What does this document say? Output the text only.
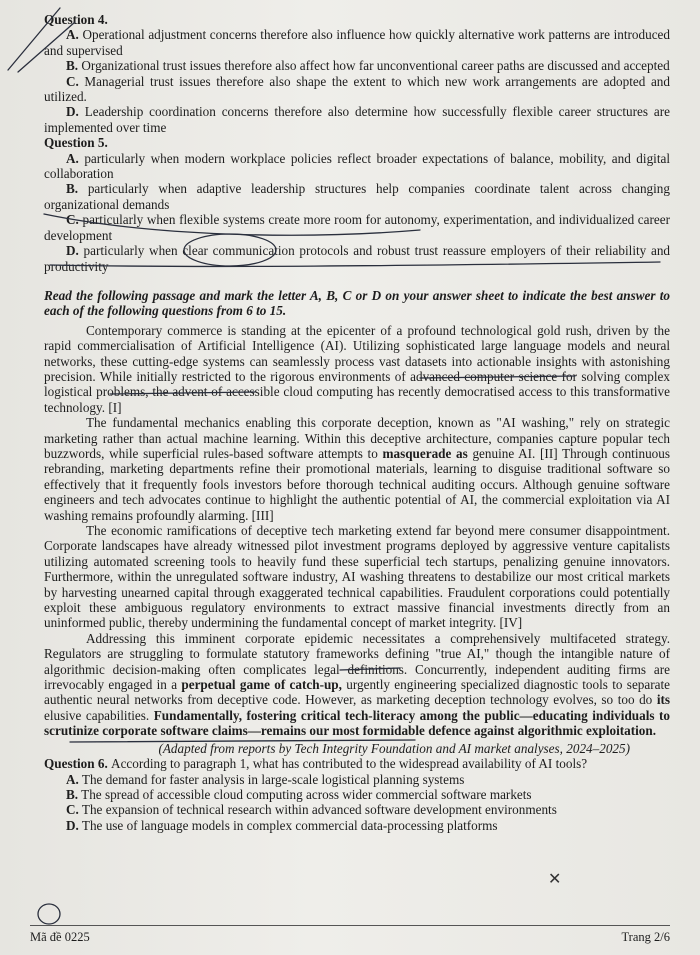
Question 4.

A. Operational adjustment concerns therefore also influence how quickly alternative work patterns are introduced and supervised

B. Organizational trust issues therefore also affect how far unconventional career paths are discussed and accepted

C. Managerial trust issues therefore also shape the extent to which new work arrangements are adopted and utilized.

D. Leadership coordination concerns therefore also determine how successfully flexible career structures are implemented over time

Question 5.

A. particularly when modern workplace policies reflect broader expectations of balance, mobility, and digital collaboration

B. particularly when adaptive leadership structures help companies coordinate talent across changing organizational demands

C. particularly when flexible systems create more room for autonomy, experimentation, and individualized career development

D. particularly when clear communication protocols and robust trust reassure employers of their reliability and productivity

Read the following passage and mark the letter A, B, C or D on your answer sheet to indicate the best answer to each of the following questions from 6 to 15.

Contemporary commerce is standing at the epicenter of a profound technological gold rush, driven by the rapid commercialisation of Artificial Intelligence (AI). Utilizing sophisticated large language models and neural networks, these cutting-edge systems can seamlessly process vast datasets into actionable insights with astonishing precision. While initially restricted to the rigorous environments of advanced computer science for solving complex logistical problems, the advent of accessible cloud computing has recently democratised access to this transformative technology. [I]

The fundamental mechanics enabling this corporate deception, known as "AI washing," rely on strategic marketing rather than actual machine learning. Within this deceptive architecture, companies capture popular tech buzzwords, while superficial rules-based software attempts to masquerade as genuine AI. [II] Through continuous rebranding, marketing departments refine their promotional materials, learning to disguise traditional software so effectively that it frequently fools investors before thorough technical auditing occurs. Although genuine software engineers and tech advocates continue to highlight the authentic potential of AI, the commercial exploitation via AI washing remains profoundly alarming. [III]

The economic ramifications of deceptive tech marketing extend far beyond mere consumer disappointment. Corporate landscapes have already witnessed pilot investment programs deployed by aggressive venture capitalists utilizing automated screening tools to heavily fund these superficial tech startups, penalizing genuine innovators. Furthermore, within the unregulated software industry, AI washing threatens to destabilize our most critical markets by harvesting unearned capital through exaggerated technical capabilities. Fraudulent corporations could potentially exploit these ambiguous regulatory environments to extract massive financial investments directly from an uninformed public, thereby undermining the fundamental concept of market integrity. [IV]

Addressing this imminent corporate epidemic necessitates a comprehensively multifaceted strategy. Regulators are struggling to formulate statutory frameworks defining "true AI," though the intangible nature of algorithmic decision-making often complicates legal definitions. Concurrently, independent auditing firms are irrevocably engaged in a perpetual game of catch-up, urgently engineering specialized diagnostic tools to separate authentic neural networks from deceptive code. However, as marketing deception technology evolves, so too do its elusive capabilities. Fundamentally, fostering critical tech-literacy among the public—educating individuals to scrutinize corporate software claims—remains our most formidable defence against algorithmic exploitation.

(Adapted from reports by Tech Integrity Foundation and AI market analyses, 2024–2025)

Question 6. According to paragraph 1, what has contributed to the widespread availability of AI tools?

A. The demand for faster analysis in large-scale logistical planning systems

B. The spread of accessible cloud computing across wider commercial software markets

C. The expansion of technical research within advanced software development environments

D. The use of language models in complex commercial data-processing platforms

Mã đề 0225	Trang 2/6
✕
